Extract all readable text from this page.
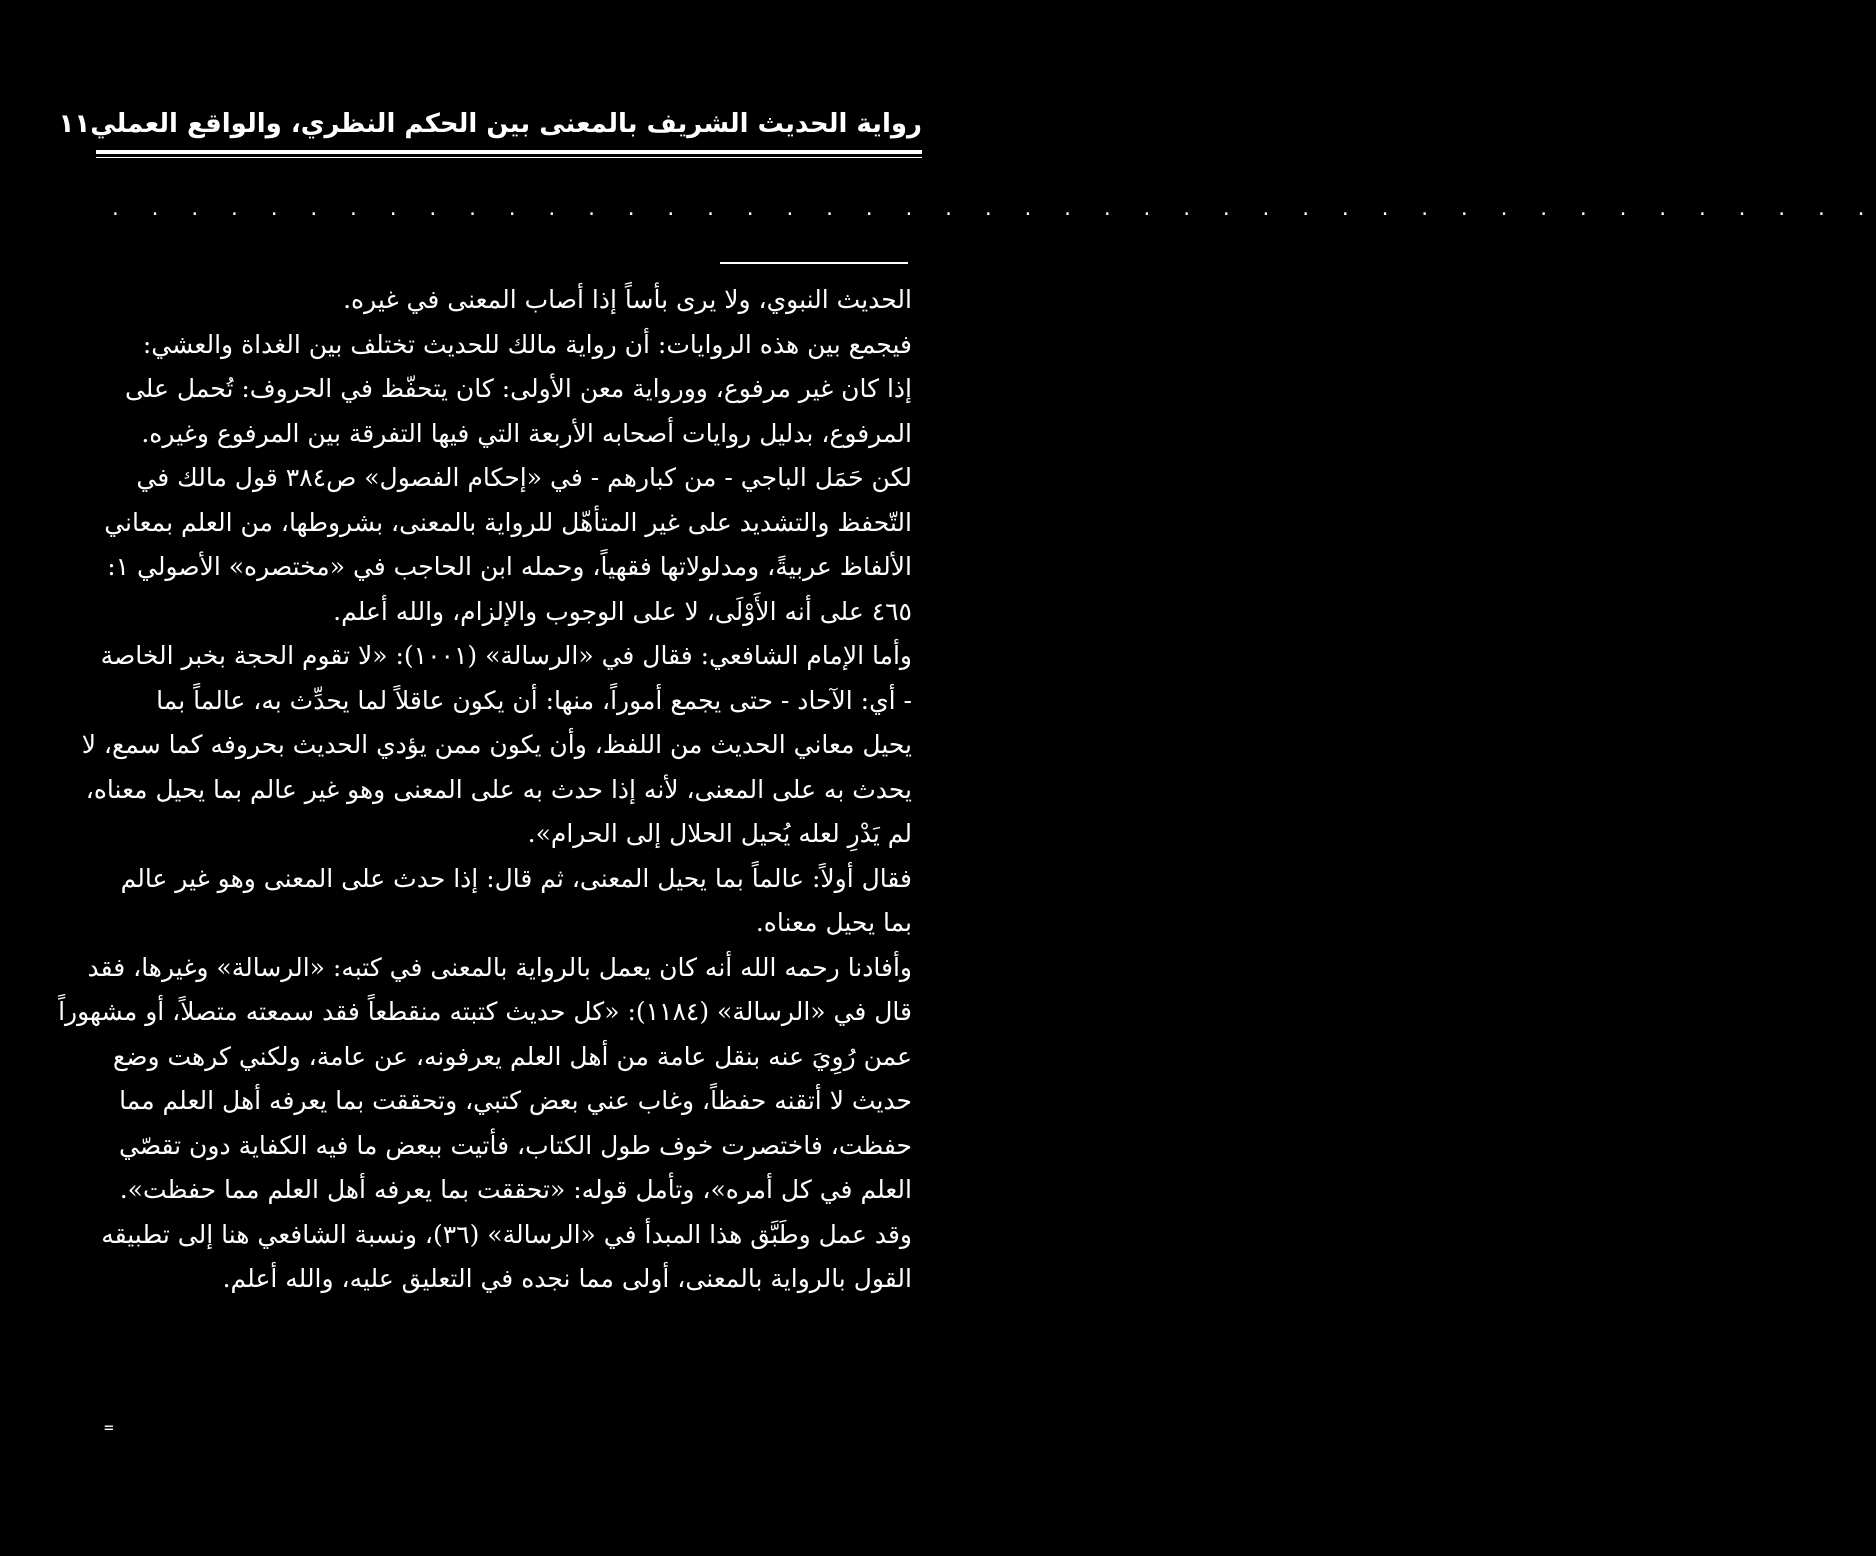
رواية الحديث الشريف بالمعنى بين الحكم النظري، والواقع العملي
١١
. . . . . . . . . . . . . . . . . . . . . . . . . . . . . . . . . . . . . . . . . . . . .
الحديث النبوي، ولا يرى بأساً إذا أصاب المعنى في غيره.
فيجمع بين هذه الروايات: أن رواية مالك للحديث تختلف بين الغداة والعشي:
إذا كان غير مرفوع، وورواية معن الأولى: كان يتحفّظ في الحروف: تُحمل على
المرفوع، بدليل روايات أصحابه الأربعة التي فيها التفرقة بين المرفوع وغيره.
لكن حَمَل الباجي - من كبارهم - في «إحكام الفصول» ص٣٨٤ قول مالك في
التّحفظ والتشديد على غير المتأهّل للرواية بالمعنى، بشروطها، من العلم بمعاني
الألفاظ عربيةً، ومدلولاتها فقهياً، وحمله ابن الحاجب في «مختصره» الأصولي ١:
٤٦٥ على أنه الأَوْلَى، لا على الوجوب والإلزام، والله أعلم.
وأما الإمام الشافعي: فقال في «الرسالة» (١٠٠١): «لا تقوم الحجة بخبر الخاصة
- أي: الآحاد - حتى يجمع أموراً، منها: أن يكون عاقلاً لما يحدِّث به، عالماً بما
يحيل معاني الحديث من اللفظ، وأن يكون ممن يؤدي الحديث بحروفه كما سمع، لا
يحدث به على المعنى، لأنه إذا حدث به على المعنى وهو غير عالم بما يحيل معناه،
لم يَدْرِ لعله يُحيل الحلال إلى الحرام».
فقال أولاً: عالماً بما يحيل المعنى، ثم قال: إذا حدث على المعنى وهو غير عالم
بما يحيل معناه.
وأفادنا رحمه الله أنه كان يعمل بالرواية بالمعنى في كتبه: «الرسالة» وغيرها، فقد
قال في «الرسالة» (١١٨٤): «كل حديث كتبته منقطعاً فقد سمعته متصلاً، أو مشهوراً
عمن رُوِيَ عنه بنقل عامة من أهل العلم يعرفونه، عن عامة، ولكني كرهت وضع
حديث لا أتقنه حفظاً، وغاب عني بعض كتبي، وتحققت بما يعرفه أهل العلم مما
حفظت، فاختصرت خوف طول الكتاب، فأتيت ببعض ما فيه الكفاية دون تقصّي
العلم في كل أمره»، وتأمل قوله: «تحققت بما يعرفه أهل العلم مما حفظت».
وقد عمل وطَبَّق هذا المبدأ في «الرسالة» (٣٦)، ونسبة الشافعي هنا إلى تطبيقه
القول بالرواية بالمعنى، أولى مما نجده في التعليق عليه، والله أعلم.
=
